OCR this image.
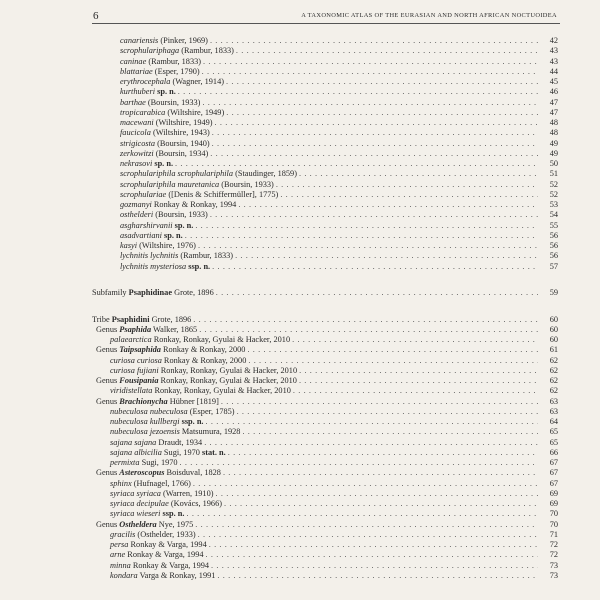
6	A TAXONOMIC ATLAS OF THE EURASIAN AND NORTH AFRICAN NOCTUOIDEA
canariensis (Pinker, 1969) . . .	42
scrophulariphaga (Rambur, 1833) . . .	43
caninae (Rambur, 1833) . . .	43
blattariae (Esper, 1790) . . .	44
erythrocephala (Wagner, 1914) . . .	45
kurthuberi sp. n. . . .	46
barthae (Boursin, 1933) . . .	47
tropicarabica (Wiltshire, 1949) . . .	47
macewani (Wiltshire, 1949) . . .	48
faucicola (Wiltshire, 1943) . . .	48
strigicosta (Boursin, 1940) . . .	49
zerkowitzi (Boursin, 1934) . . .	49
nekrasovi sp. n. . . .	50
scrophulariphila scrophulariphila (Staudinger, 1859) . . .	51
scrophulariphila mauretanica (Boursin, 1933) . . .	52
scrophulariae ([Denis & Schiffermüller], 1775) . . .	52
gozmanyi Ronkay & Ronkay, 1994 . . .	53
osthelderi (Boursin, 1933) . . .	54
asgharshirvanii sp. n. . . .	55
asadvartiani sp. n. . . .	56
kasyi (Wiltshire, 1976) . . .	56
lychnitis lychnitis (Rambur, 1833) . . .	56
lychnitis mysteriosa ssp. n. . . .	57
Subfamily Psaphidinae Grote, 1896 . . .	59
Tribe Psaphidini Grote, 1896 . . .	60
Genus Psaphida Walker, 1865 . . .	60
palaearctica Ronkay, Ronkay, Gyulai & Hacker, 2010 . . .	60
Genus Taipsaphida Ronkay & Ronkay, 2000 . . .	61
curiosa curiosa Ronkay & Ronkay, 2000 . . .	62
curiosa fujiani Ronkay, Ronkay, Gyulai & Hacker, 2010 . . .	62
Genus Fousipania Ronkay, Ronkay, Gyulai & Hacker, 2010 . . .	62
viridistellata Ronkay, Ronkay, Gyulai & Hacker, 2010 . . .	62
Genus Brachionycha Hübner [1819] . . .	63
nubeculosa nubeculosa (Esper, 1785) . . .	63
nubeculosa kullbergi ssp. n. . . .	64
nubeculosa jezoensis Matsumura, 1928 . . .	65
sajana sajana Draudt, 1934 . . .	65
sajana albicilia Sugi, 1970 stat. n. . . .	66
permixta Sugi, 1970 . . .	67
Genus Asteroscopus Boisduval, 1828 . . .	67
sphinx (Hufnagel, 1766) . . .	67
syriaca syriaca (Warren, 1910) . . .	69
syriaca decipulae (Kovács, 1966) . . .	69
syriaca wieseri ssp. n. . . .	70
Genus Ostheldera Nye, 1975 . . .	70
gracilis (Osthelder, 1933) . . .	71
persa Ronkay & Varga, 1994 . . .	72
arne Ronkay & Varga, 1994 . . .	72
minna Ronkay & Varga, 1994 . . .	73
kondara Varga & Ronkay, 1991 . . .	73
